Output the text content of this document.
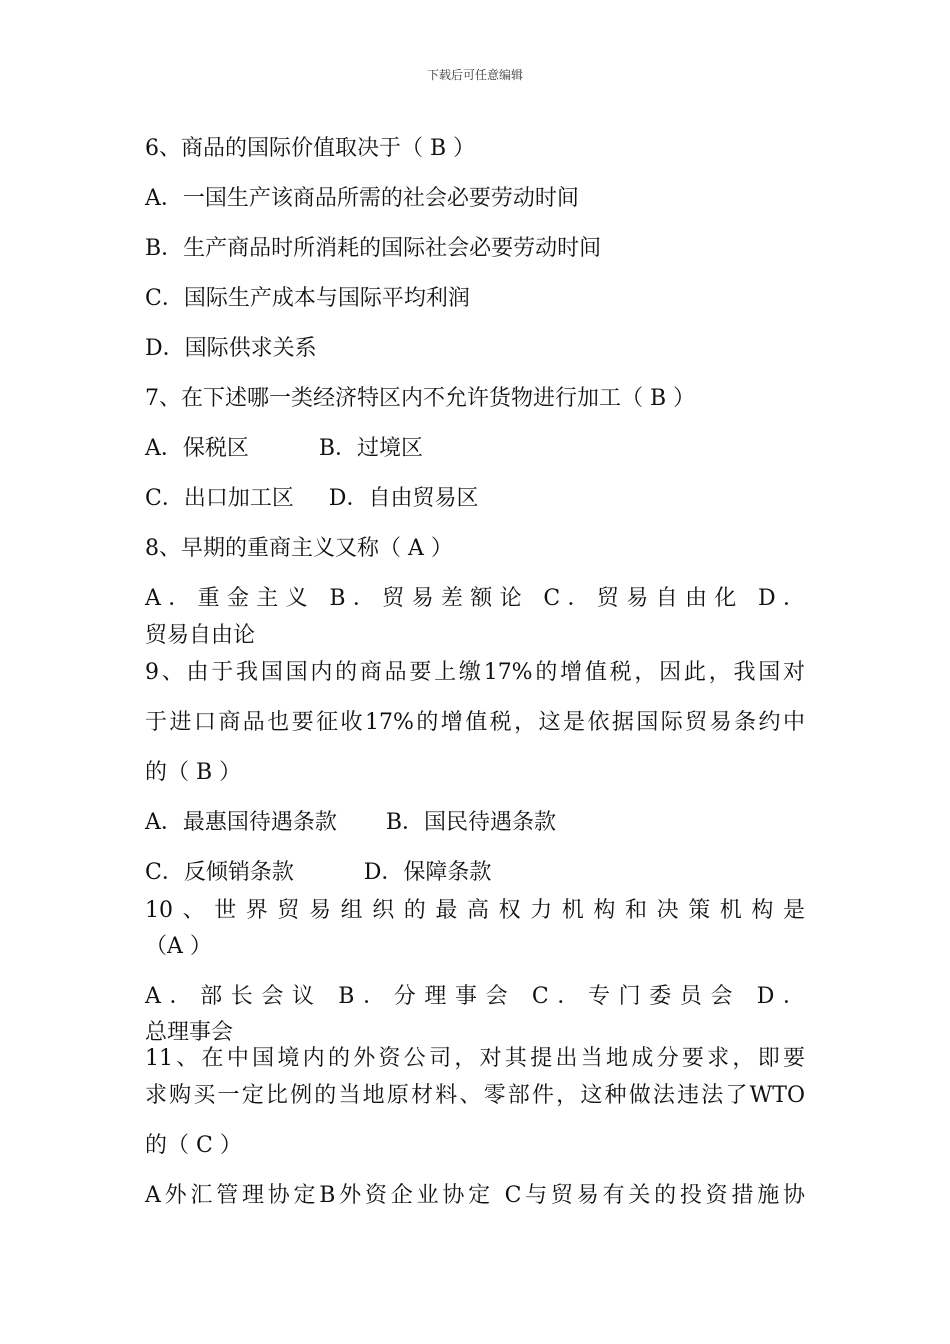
下载后可任意编辑
6、商品的国际价值取决于（ B ）
A．一国生产该商品所需的社会必要劳动时间
B．生产商品时所消耗的国际社会必要劳动时间
C．国际生产成本与国际平均利润
D．国际供求关系
7、在下述哪一类经济特区内不允许货物进行加工（ B ）
A．保税区          B．过境区
C．出口加工区     D．自由贸易区
8、早期的重商主义又称（ A ）
A．重金主义 B．贸易差额论 C．贸易自由化 D．
贸易自由论
9、由于我国国内的商品要上缴17%的增值税，因此，我国对
于进口商品也要征收17%的增值税，这是依据国际贸易条约中
的（ B ）
A．最惠国待遇条款       B．国民待遇条款
C．反倾销条款          D．保障条款
10、世界贸易组织的最高权力机构和决策机构是
（A ）
A．部长会议 B．分理事会 C．专门委员会 D．
总理事会
11、在中国境内的外资公司，对其提出当地成分要求，即要
求购买一定比例的当地原材料、零部件，这种做法违法了WTO
的（ C ）
A外汇管理协定B外资企业协定 C与贸易有关的投资措施协
